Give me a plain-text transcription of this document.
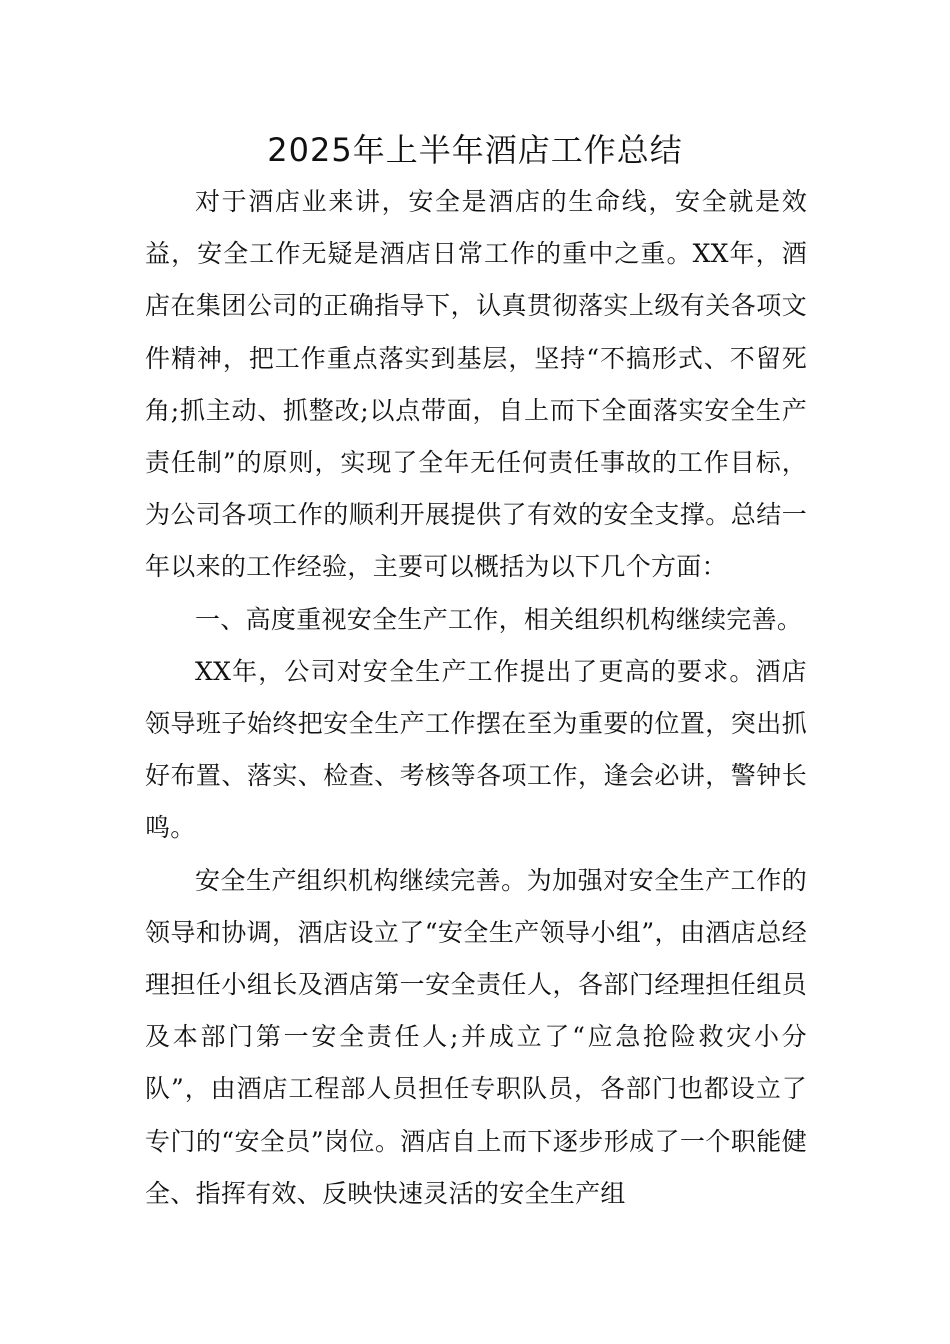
2025年上半年酒店工作总结

对于酒店业来讲，安全是酒店的生命线，安全就是效益，安全工作无疑是酒店日常工作的重中之重。XX年，酒店在集团公司的正确指导下，认真贯彻落实上级有关各项文件精神，把工作重点落实到基层，坚持“不搞形式、不留死角;抓主动、抓整改;以点带面，自上而下全面落实安全生产责任制”的原则，实现了全年无任何责任事故的工作目标，为公司各项工作的顺利开展提供了有效的安全支撑。总结一年以来的工作经验，主要可以概括为以下几个方面：

一、高度重视安全生产工作，相关组织机构继续完善。

XX年，公司对安全生产工作提出了更高的要求。酒店领导班子始终把安全生产工作摆在至为重要的位置，突出抓好布置、落实、检查、考核等各项工作，逢会必讲，警钟长鸣。

安全生产组织机构继续完善。为加强对安全生产工作的领导和协调，酒店设立了“安全生产领导小组”，由酒店总经理担任小组长及酒店第一安全责任人，各部门经理担任组员及本部门第一安全责任人;并成立了“应急抢险救灾小分队”，由酒店工程部人员担任专职队员，各部门也都设立了专门的“安全员”岗位。酒店自上而下逐步形成了一个职能健全、指挥有效、反映快速灵活的安全生产组
